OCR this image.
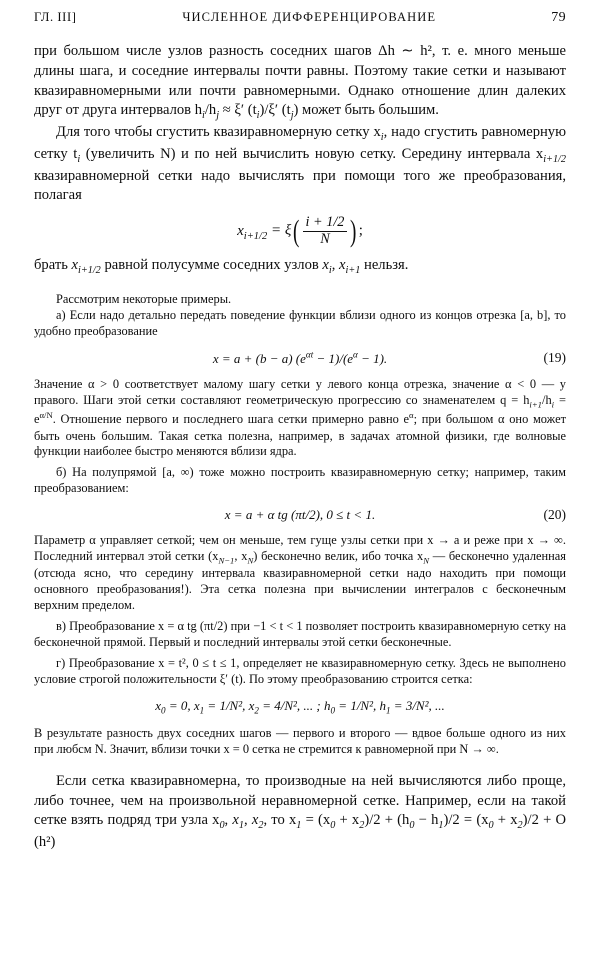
ГЛ. III]	ЧИСЛЕННОЕ ДИФФЕРЕНЦИРОВАНИЕ	79

при большом числе узлов разность соседних шагов Δh ∼ h², т. е. много меньше длины шага, и соседние интервалы почти равны. Поэтому такие сетки и называют квазиравномерными или почти равномерными. Однако отношение длин далеких друг от друга интервалов $h_i/h_j \approx \xi'$ $(t_i)/\xi'$ $(t_j)$ может быть большим.

Для того чтобы сгустить квазиравномерную сетку $x_i$, надо сгустить равномерную сетку $t_i$ (увеличить N) и по ней вычислить новую сетку. Середину интервала $x_{i+1/2}$ квазиравномерной сетки надо вычислять при помощи того же преобразования, полагая

$x_{i+1/2} = \xi( \frac{i + 1/2}{N}$ ) ;

брать $x_{i+1/2}$ равной полусумме соседних узлов $x_i$, $x_{i+1}$ нельзя.

Рассмотрим некоторые примеры.

а) Если надо детально передать поведение функции вблизи одного из концов отрезка [a, b], то удобно преобразование

x = a + (b − a) $(e^{\alpha t} - 1)/(e^\alpha - 1)$.	(19)

Значение α > 0 соответствует малому шагу сетки у левого конца отрезка, значение α < 0 — у правого. Шаги этой сетки составляют геометрическую прогрессию со знаменателем $q = h_{i+1}/h_i = e^{\alpha/N}$. Отношение первого и последнего шага сетки примерно равно $e^\alpha$; при большом α оно может быть очень большим. Такая сетка полезна, например, в задачах атомной физики, где волновые функции наиболее быстро меняются вблизи ядра.

б) На полупрямой [a, ∞) тоже можно построить квазиравномерную сетку; например, таким преобразованием:

x = a + α tg (πt/2), 0 ≤ t < 1.	(20)

Параметр α управляет сеткой; чем он меньше, тем гуще узлы сетки при x → a и реже при x → ∞. Последний интервал этой сетки ($x_{N-1}$, $x_N$) бесконечно велик, ибо точка $x_N$ — бесконечно удаленная (отсюда ясно, что середину интервала квазиравномерной сетки надо находить при помощи основного преобразования!). Эта сетка полезна при вычислении интегралов с бесконечным верхним пределом.

в) Преобразование x = α tg (πt/2) при −1 < t < 1 позволяет построить квазиравномерную сетку на бесконечной прямой. Первый и последний интервалы этой сетки бесконечные.

г) Преобразование x = t², 0 ≤ t ≤ 1, определяет не квазиравномерную сетку. Здесь не выполнено условие строгой положительности ξ′ (t). По этому преобразованию строится сетка:

$x_0 = 0$, $x_1 = 1/N^2$, $x_2 = 4/N^2$, ... ; $h_0 = 1/N^2$, $h_1 = 3/N^2$, ...

В результате разность двух соседних шагов — первого и второго — вдвое больше одного из них при любсм N. Значит, вблизи точки x = 0 сетка не стремится к равномерной при N → ∞.

Если сетка квазиравномерна, то производные на ней вычисляются либо проще, либо точнее, чем на произвольной неравномерной сетке. Например, если на такой сетке взять подряд три узла $x_0$, $x_1$, $x_2$, то $x_1 = (x_0 + x_2)/2 + (h_0 - h_1)/2 = (x_0 + x_2)/2 + O$ (h²)
